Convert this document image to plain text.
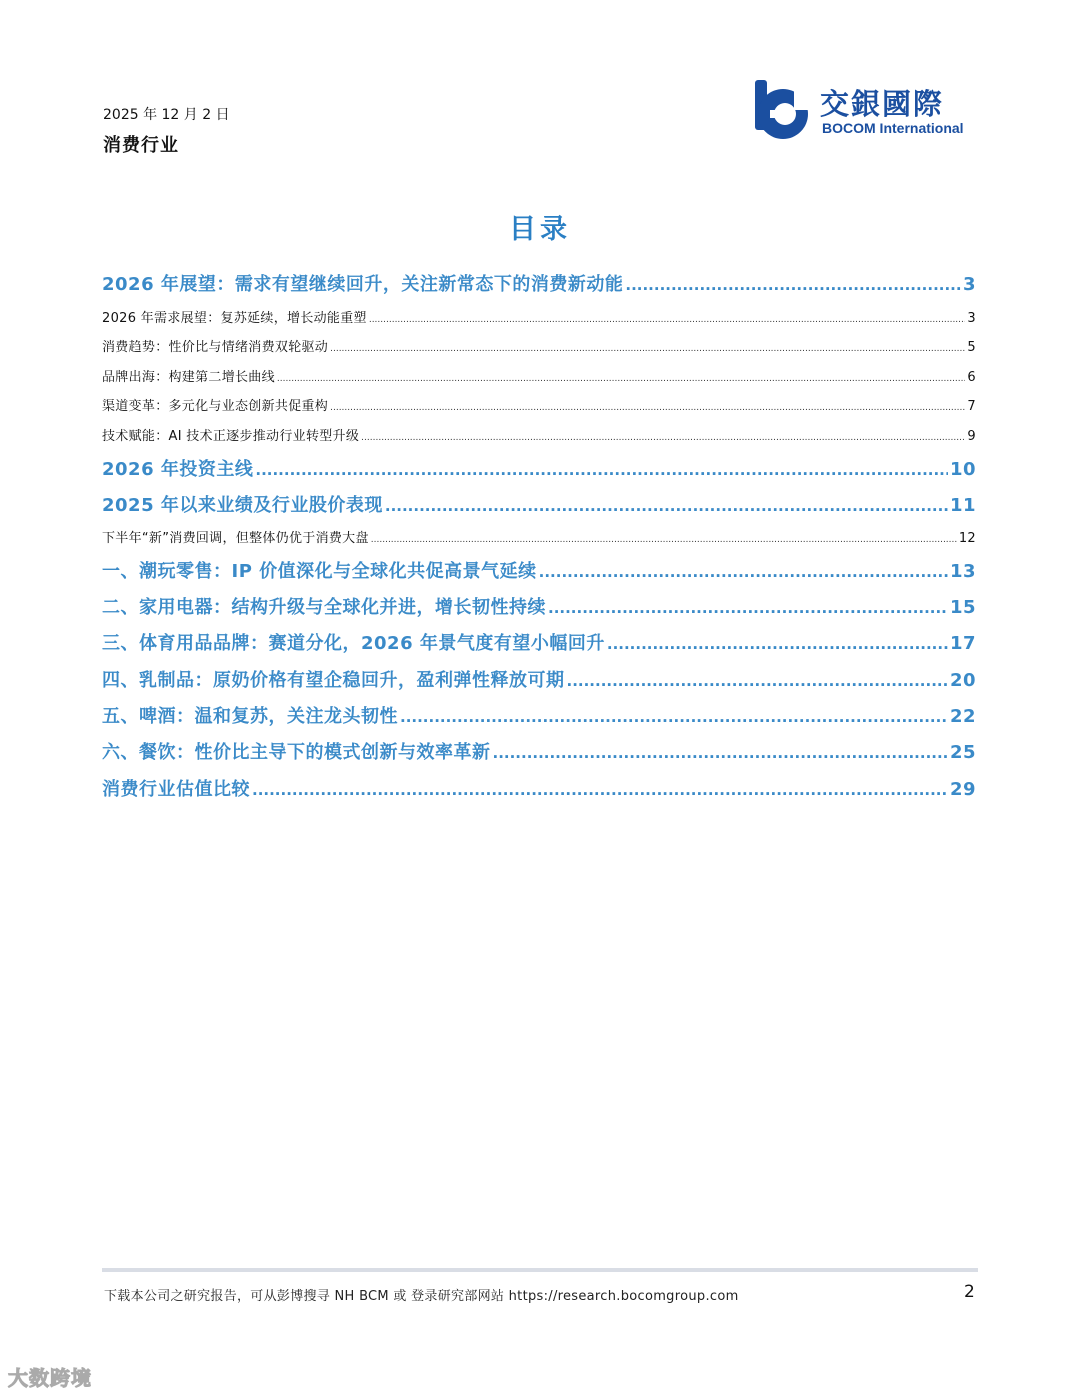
2025 年 12 月 2 日
消费行业
交銀國際
BOCOM International
目录
2026 年展望：需求有望继续回升，关注新常态下的消费新动能 .....	3
2026 年需求展望：复苏延续，增长动能重塑 .....	3
消费趋势：性价比与情绪消费双轮驱动 .....	5
品牌出海：构建第二增长曲线 .....	6
渠道变革：多元化与业态创新共促重构 .....	7
技术赋能：AI 技术正逐步推动行业转型升级 .....	9
2026 年投资主线 .....	10
2025 年以来业绩及行业股价表现 .....	11
下半年“新”消费回调，但整体仍优于消费大盘 .....	12
一、潮玩零售：IP 价值深化与全球化共促高景气延续 .....	13
二、家用电器：结构升级与全球化并进，增长韧性持续 .....	15
三、体育用品品牌：赛道分化，2026 年景气度有望小幅回升 .....	17
四、乳制品：原奶价格有望企稳回升，盈利弹性释放可期 .....	20
五、啤酒：温和复苏，关注龙头韧性 .....	22
六、餐饮：性价比主导下的模式创新与效率革新 .....	25
消费行业估值比较 .....	29
下载本公司之研究报告，可从彭博搜寻 NH BCM 或 登录研究部网站 https://research.bocomgroup.com	2
大数跨境
